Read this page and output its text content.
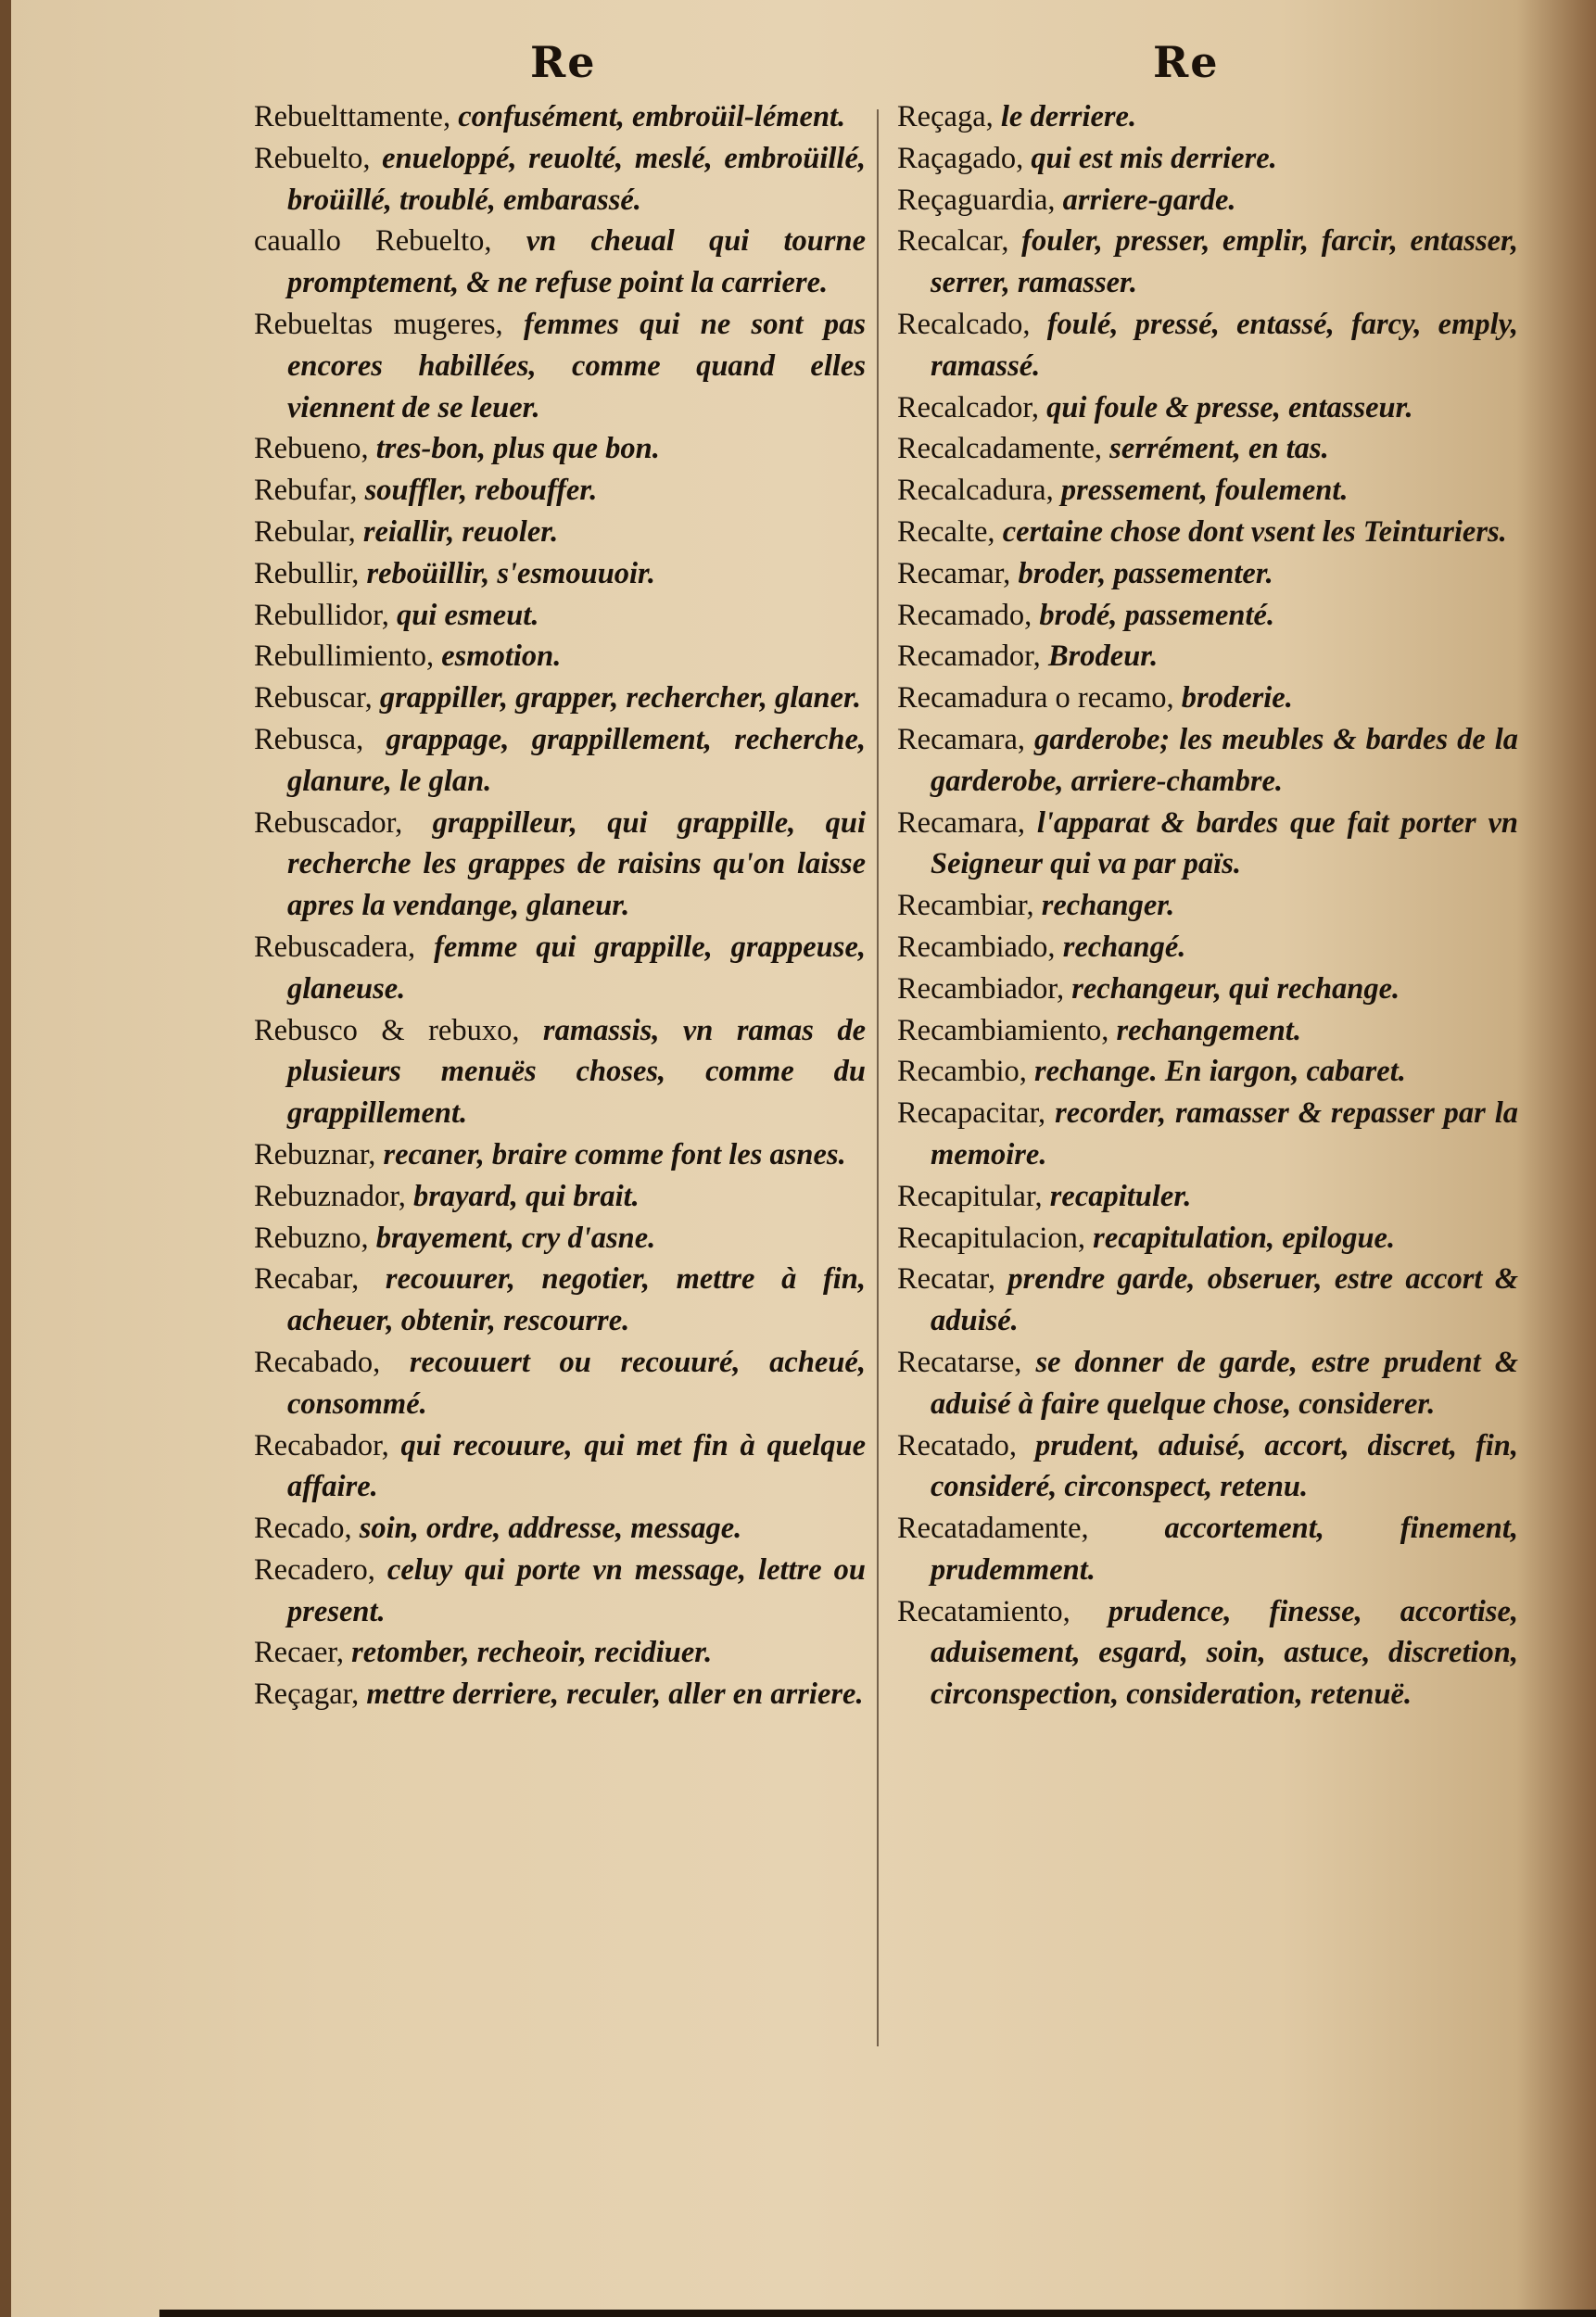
Re	Re
Rebuelttamente, confusément, embroüil-lément.
Rebuelto, enueloppé, reuolté, meslé, embroüillé, broüillé, troublé, embarassé.
cauallo Rebuelto, vn cheual qui tourne promptement, & ne refuse point la carriere.
Rebueltas mugeres, femmes qui ne sont pas encores habillées, comme quand elles viennent de se leuer.
Rebueno, tres-bon, plus que bon.
Rebufar, souffler, rebouffer.
Rebular, reiallir, reuoler.
Rebullir, reboüillir, s'esmouuoir.
Rebullidor, qui esmeut.
Rebullimiento, esmotion.
Rebuscar, grappiller, grapper, rechercher, glaner.
Rebusca, grappage, grappillement, recherche, glanure, le glan.
Rebuscador, grappilleur, qui grappille, qui recherche les grappes de raisins qu'on laisse apres la vendange, glaneur.
Rebuscadera, femme qui grappille, grappeuse, glaneuse.
Rebusco & rebuxo, ramassis, vn ramas de plusieurs menuës choses, comme du grappillement.
Rebuznar, recaner, braire comme font les asnes.
Rebuznador, brayard, qui brait.
Rebuzno, brayement, cry d'asne.
Recabar, recouurer, negotier, mettre à fin, acheuer, obtenir, rescourre.
Recabado, recouuert ou recouuré, acheué, consommé.
Recabador, qui recouure, qui met fin à quelque affaire.
Recado, soin, ordre, addresse, message.
Recadero, celuy qui porte vn message, lettre ou present.
Recaer, retomber, recheoir, recidiuer.
Reçagar, mettre derriere, reculer, aller en arriere.
Reçaga, le derriere.
Raçagado, qui est mis derriere.
Reçaguardia, arriere-garde.
Recalcar, fouler, presser, emplir, farcir, entasser, serrer, ramasser.
Recalcado, foulé, pressé, entassé, farcy, emply, ramassé.
Recalcador, qui foule & presse, entasseur.
Recalcadamente, serrément, en tas.
Recalcadura, pressement, foulement.
Recalte, certaine chose dont vsent les Teinturiers.
Recamar, broder, passementer.
Recamado, brodé, passementé.
Recamador, Brodeur.
Recamadura o recamo, broderie.
Recamara, garderobe; les meubles & bardes de la garderobe, arriere-chambre.
Recamara, l'apparat & bardes que fait porter vn Seigneur qui va par païs.
Recambiar, rechanger.
Recambiado, rechangé.
Recambiador, rechangeur, qui rechange.
Recambiamiento, rechangement.
Recambio, rechange. En iargon, cabaret.
Recapacitar, recorder, ramasser & repasser par la memoire.
Recapitular, recapituler.
Recapitulacion, recapitulation, epilogue.
Recatar, prendre garde, obseruer, estre accort & aduisé.
Recatarse, se donner de garde, estre prudent & aduisé à faire quelque chose, considerer.
Recatado, prudent, aduisé, accort, discret, fin, consideré, circonspect, retenu.
Recatadamente,	accortement, finement, prudemment.
Recatamiento, prudence, finesse, accortise, aduisement, esgard, soin, astuce, discretion, circonspection, consideration, retenuë.
